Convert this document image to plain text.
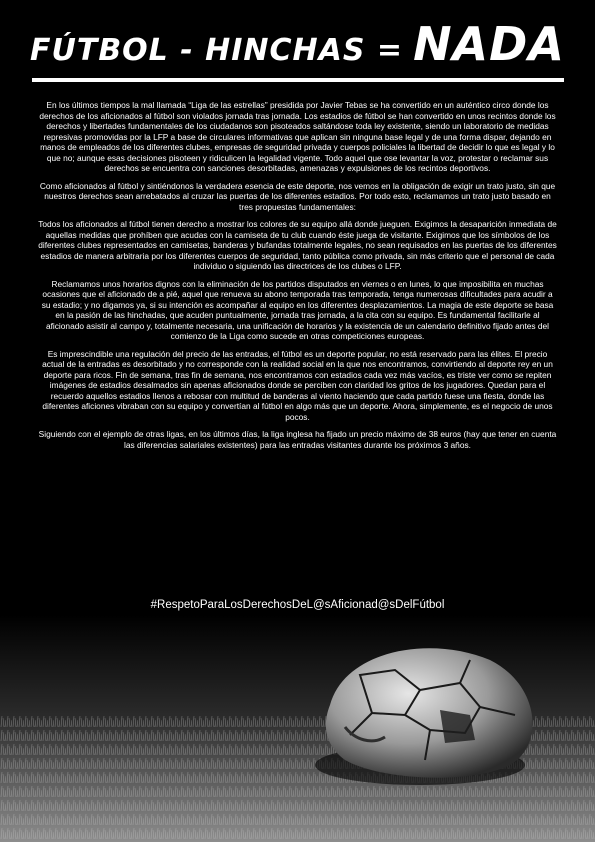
FÚTBOL - HINCHAS = NADA

En los últimos tiempos la mal llamada “Liga de las estrellas” presidida por Javier Tebas se ha convertido en un auténtico circo donde los derechos de los aficionados al fútbol son violados jornada tras jornada. Los estadios de fútbol se han convertido en unos recintos donde los derechos y libertades fundamentales de los ciudadanos son pisoteados saltándose toda ley existente, siendo un laboratorio de medidas represivas promovidas por la LFP a base de circulares informativas que aplican sin ninguna base legal y de una forma dispar, dejando en manos de empleados de los diferentes clubes, empresas de seguridad privada y cuerpos policiales la libertad de decidir lo que es legal y lo que no; aunque esas decisiones pisoteen y ridiculicen la legalidad vigente. Todo aquel que ose levantar la voz, protestar o reclamar sus derechos se encuentra con sanciones desorbitadas, amenazas y expulsiones de los recintos deportivos.

Como aficionados al fútbol y sintiéndonos la verdadera esencia de este deporte, nos vemos en la obligación de exigir un trato justo, sin que nuestros derechos sean arrebatados al cruzar las puertas de los diferentes estadios. Por todo esto, reclamamos un trato justo basado en tres propuestas fundamentales:

Todos los aficionados al fútbol tienen derecho a mostrar los colores de su equipo allá donde jueguen. Exigimos la desaparición inmediata de aquellas medidas que prohíben que acudas con la camiseta de tu club cuando éste juega de visitante. Exigimos que los símbolos de los diferentes clubes representados en camisetas, banderas y bufandas totalmente legales, no sean requisados en las puertas de los diferentes estadios de manera arbitraria por los diferentes cuerpos de seguridad, tanto pública como privada, sin más criterio que el personal de cada individuo o siguiendo las directrices de los clubes o LFP.

Reclamamos unos horarios dignos con la eliminación de los partidos disputados en viernes o en lunes, lo que imposibilita en muchas ocasiones que el aficionado de a pié, aquel que renueva su abono temporada tras temporada, tenga numerosas dificultades para acudir a su estadio; y no digamos ya, si su intención es acompañar al equipo en los diferentes desplazamientos. La magia de este deporte se basa en la pasión de las hinchadas, que acuden puntualmente, jornada tras jornada, a la cita con su equipo. Es fundamental facilitarle al aficionado asistir al campo y, totalmente necesaria, una unificación de horarios y la existencia de un calendario definitivo fijado antes del comienzo de la Liga como sucede en otras competiciones europeas.

Es imprescindible una regulación del precio de las entradas, el fútbol es un deporte popular, no está reservado para las élites. El precio actual de la entradas es desorbitado y no corresponde con la realidad social en la que nos encontramos, convirtiendo al deporte rey en un deporte para ricos. Fin de semana, tras fin de semana, nos encontramos con estadios cada vez más vacíos, es triste ver como se repiten imágenes de estadios desalmados sin apenas aficionados donde se perciben con claridad los gritos de los jugadores. Quedan para el recuerdo aquellos estadios llenos a rebosar con multitud de banderas al viento haciendo que cada partido fuese una fiesta, donde las diferentes aficiones vibraban con su equipo y convertían al fútbol en algo más que un deporte. Ahora, simplemente, es el negocio de unos pocos.

Siguiendo con el ejemplo de otras ligas, en los últimos días, la liga inglesa ha fijado un precio máximo de 38 euros (hay que tener en cuenta las diferencias salariales existentes) para las entradas visitantes durante los próximos 3 años.

#RespetoParaLosDerechosDeL@sAficionad@sDelFútbol
